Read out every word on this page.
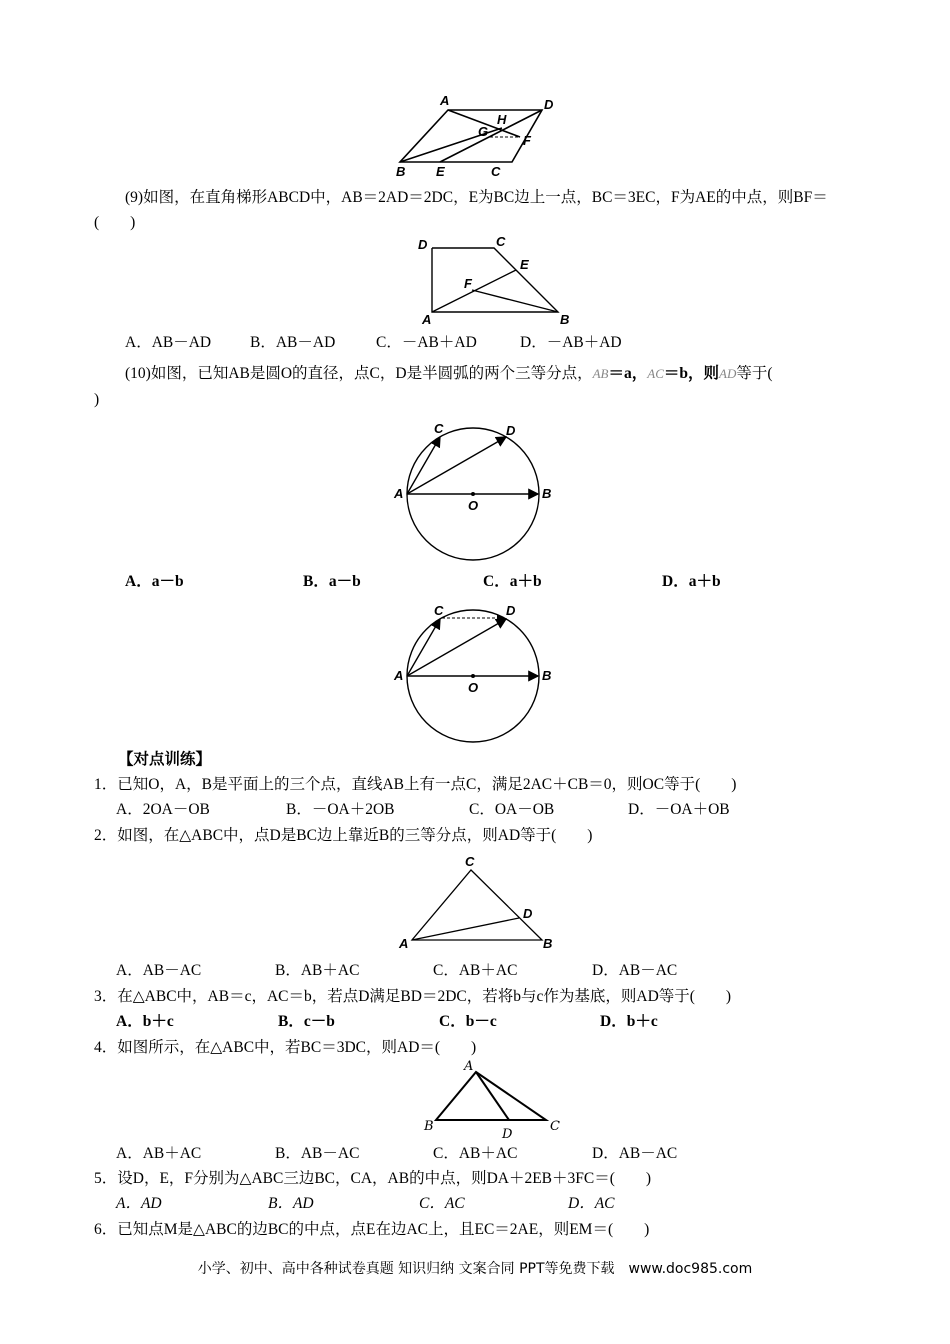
A	D
H
G
F
B E	C
(9)如图，在直角梯形ABCD中，AB＝2AD＝2DC，E为BC边上一点，BC＝3EC，F为AE的中点，则BF＝
(　　)
D	C
E
F
A	B
A．AB－AD	B．AB－AD	C．－AB＋AD	D．－AB＋AD
(10)如图，已知AB是圆O的直径，点C，D是半圆弧的两个三等分点，AB＝a，AC＝b，则AD等于(
)
A	B
C	D
O
A．a－b	B．a－b	C．a＋b	D．a＋b
A	B
C	D
O
【对点训练】
1．已知O，A，B是平面上的三个点，直线AB上有一点C，满足2AC＋CB＝0，则OC等于(　　)
A．2OA－OB	B．－OA＋2OB	C．OA－OB	D．－OA＋OB
2．如图，在△ABC中，点D是BC边上靠近B的三等分点，则AD等于(　　)
A	B
C
D
A．AB－AC	B．AB＋AC	C．AB＋AC	D．AB－AC
3．在△ABC中，AB＝c，AC＝b，若点D满足BD＝2DC，若将b与c作为基底，则AD等于(　　)
A．b＋c	B．c－b	C．b－c	D．b＋c
4．如图所示，在△ABC中，若BC＝3DC，则AD＝(　　)
A
B	C
D
A．AB＋AC	B．AB－AC	C．AB＋AC	D．AB－AC
5．设D，E，F分别为△ABC三边BC，CA，AB的中点，则DA＋2EB＋3FC＝(　　)
A．AD	B．AD	C．AC	D．AC
6．已知点M是△ABC的边BC的中点，点E在边AC上，且EC＝2AE，则EM＝(　　)
小学、初中、高中各种试卷真题 知识归纳 文案合同 PPT等免费下载　www.doc985.com
